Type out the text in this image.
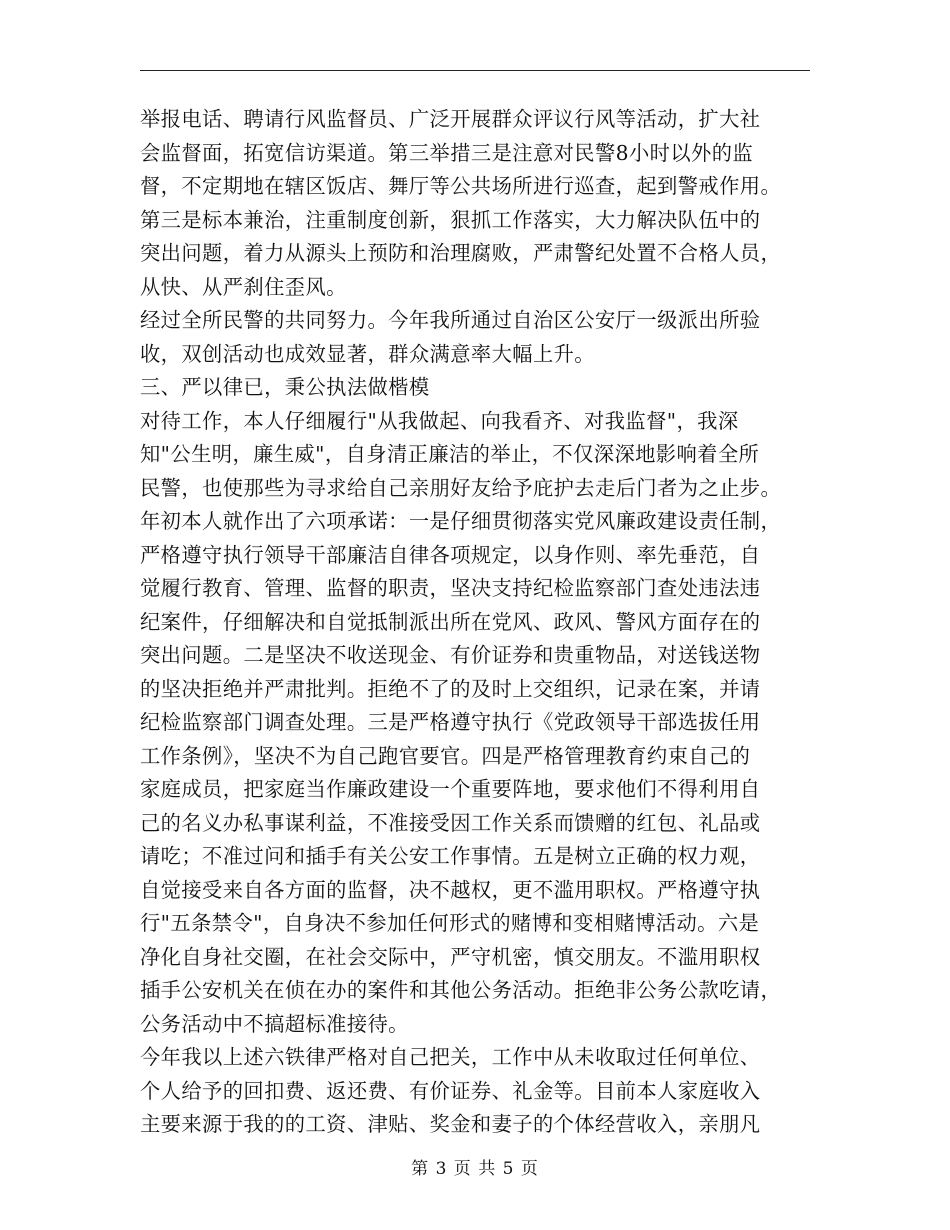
举报电话、聘请行风监督员、广泛开展群众评议行风等活动，扩大社
会监督面，拓宽信访渠道。第三举措三是注意对民警8小时以外的监
督，不定期地在辖区饭店、舞厅等公共场所进行巡查，起到警戒作用。
第三是标本兼治，注重制度创新，狠抓工作落实，大力解决队伍中的
突出问题，着力从源头上预防和治理腐败，严肃警纪处置不合格人员，
从快、从严刹住歪风。
经过全所民警的共同努力。今年我所通过自治区公安厅一级派出所验
收，双创活动也成效显著，群众满意率大幅上升。
三、严以律已，秉公执法做楷模
对待工作，本人仔细履行"从我做起、向我看齐、对我监督"，我深
知"公生明，廉生威"，自身清正廉洁的举止，不仅深深地影响着全所
民警，也使那些为寻求给自己亲朋好友给予庇护去走后门者为之止步。
年初本人就作出了六项承诺：一是仔细贯彻落实党风廉政建设责任制，
严格遵守执行领导干部廉洁自律各项规定，以身作则、率先垂范，自
觉履行教育、管理、监督的职责，坚决支持纪检监察部门查处违法违
纪案件，仔细解决和自觉抵制派出所在党风、政风、警风方面存在的
突出问题。二是坚决不收送现金、有价证券和贵重物品，对送钱送物
的坚决拒绝并严肃批判。拒绝不了的及时上交组织，记录在案，并请
纪检监察部门调查处理。三是严格遵守执行《党政领导干部选拔任用
工作条例》，坚决不为自己跑官要官。四是严格管理教育约束自己的
家庭成员，把家庭当作廉政建设一个重要阵地，要求他们不得利用自
己的名义办私事谋利益，不准接受因工作关系而馈赠的红包、礼品或
请吃；不准过问和插手有关公安工作事情。五是树立正确的权力观，
自觉接受来自各方面的监督，决不越权，更不滥用职权。严格遵守执
行"五条禁令"，自身决不参加任何形式的赌博和变相赌博活动。六是
净化自身社交圈，在社会交际中，严守机密，慎交朋友。不滥用职权
插手公安机关在侦在办的案件和其他公务活动。拒绝非公务公款吃请，
公务活动中不搞超标准接待。
今年我以上述六铁律严格对自己把关，工作中从未收取过任何单位、
个人给予的回扣费、返还费、有价证券、礼金等。目前本人家庭收入
主要来源于我的的工资、津贴、奖金和妻子的个体经营收入，亲朋凡
第 3 页 共 5 页
